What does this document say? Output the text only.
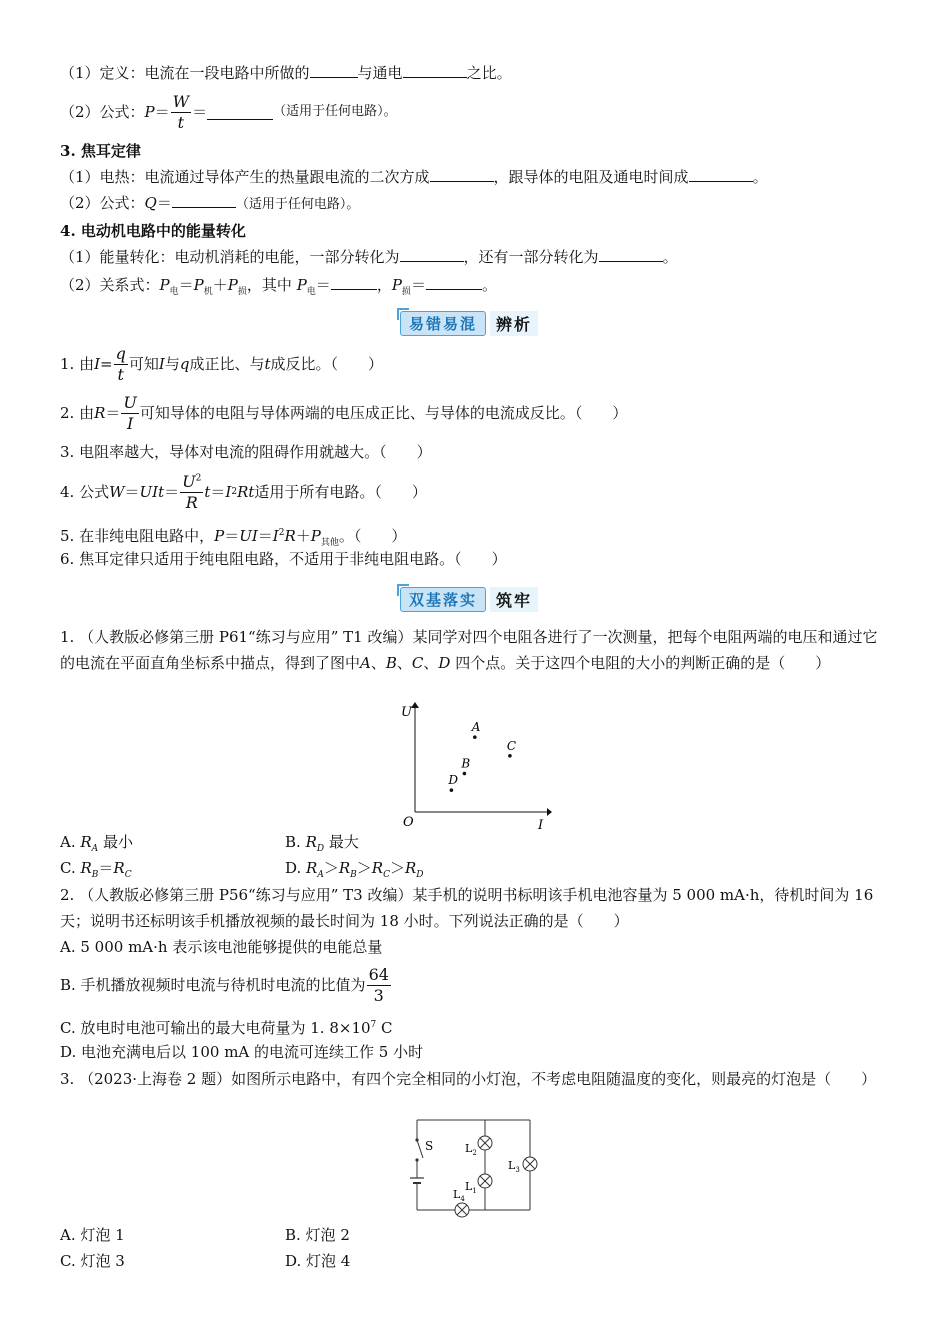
（1）定义：电流在一段电路中所做的	与通电	之比。
（2）公式： $P = \frac{W}{t}$ ＝	（适用于任何电路）。
3. 焦耳定律
（1）电热：电流通过导体产生的热量跟电流的二次方成	，跟导体的电阻及通电时间成	。
（2）公式：Q＝	（适用于任何电路）。
4. 电动机电路中的能量转化
（1）能量转化：电动机消耗的电能，一部分转化为	，还有一部分转化为	。
（2）关系式：$P_电=P_机+P_损$，其中 $P_电=$	，$P_损=$	。
易错易混	辨析
1. 由 $I = \frac{q}{t}$ 可知 I 与 q 成正比、与 t 成反比。（　　）
2. 由 $R = \frac{U}{I}$ 可知导体的电阻与导体两端的电压成正比、与导体的电流成反比。（　　）
3. 电阻率越大，导体对电流的阻碍作用就越大。（　　）
4. 公式 W ＝ UIt ＝ $\frac{U^2}{R}$ t ＝ I 2 Rt 适用于所有电路。（　　）
5. 在非纯电阻电路中，$P=UI=I^2R+P_{其他}$。（　　）
6. 焦耳定律只适用于纯电阻电路，不适用于非纯电阻电路。（　　）
双基落实	筑牢
1. （人教版必修第三册 P61“练习与应用” T1 改编）某同学对四个电阻各进行了一次测量，把每个电阻两端的电压和通过它的电流在平面直角坐标系中描点，得到了图中A、B、C、D 四个点。关于这四个电阻的大小的判断正确的是（　　）
U
I
O
A
B
C
D
A. $R_A$ 最小	B. $R_D$ 最大
C. $R_B=R_C$	D. $R_A>R_B>R_C>R_D$
2. （人教版必修第三册 P56“练习与应用” T3 改编）某手机的说明书标明该手机电池容量为 5 000 mA·h，待机时间为 16 天；说明书还标明该手机播放视频的最长时间为 18 小时。下列说法正确的是（　　）
A. 5 000 mA·h 表示该电池能够提供的电能总量
B. 手机播放视频时电流与待机时电流的比值为 $\frac{64}{3}$
C. 放电时电池可输出的最大电荷量为 1. $8\times 10^7$ C
D. 电池充满电后以 100 mA 的电流可连续工作 5 小时
3. （2023·上海卷 2 题）如图所示电路中，有四个完全相同的小灯泡，不考虑电阻随温度的变化，则最亮的灯泡是（　　）
S
$L_4$
$L_2$
$L_1$
$L_3$
A. 灯泡 1	B. 灯泡 2
C. 灯泡 3	D. 灯泡 4
